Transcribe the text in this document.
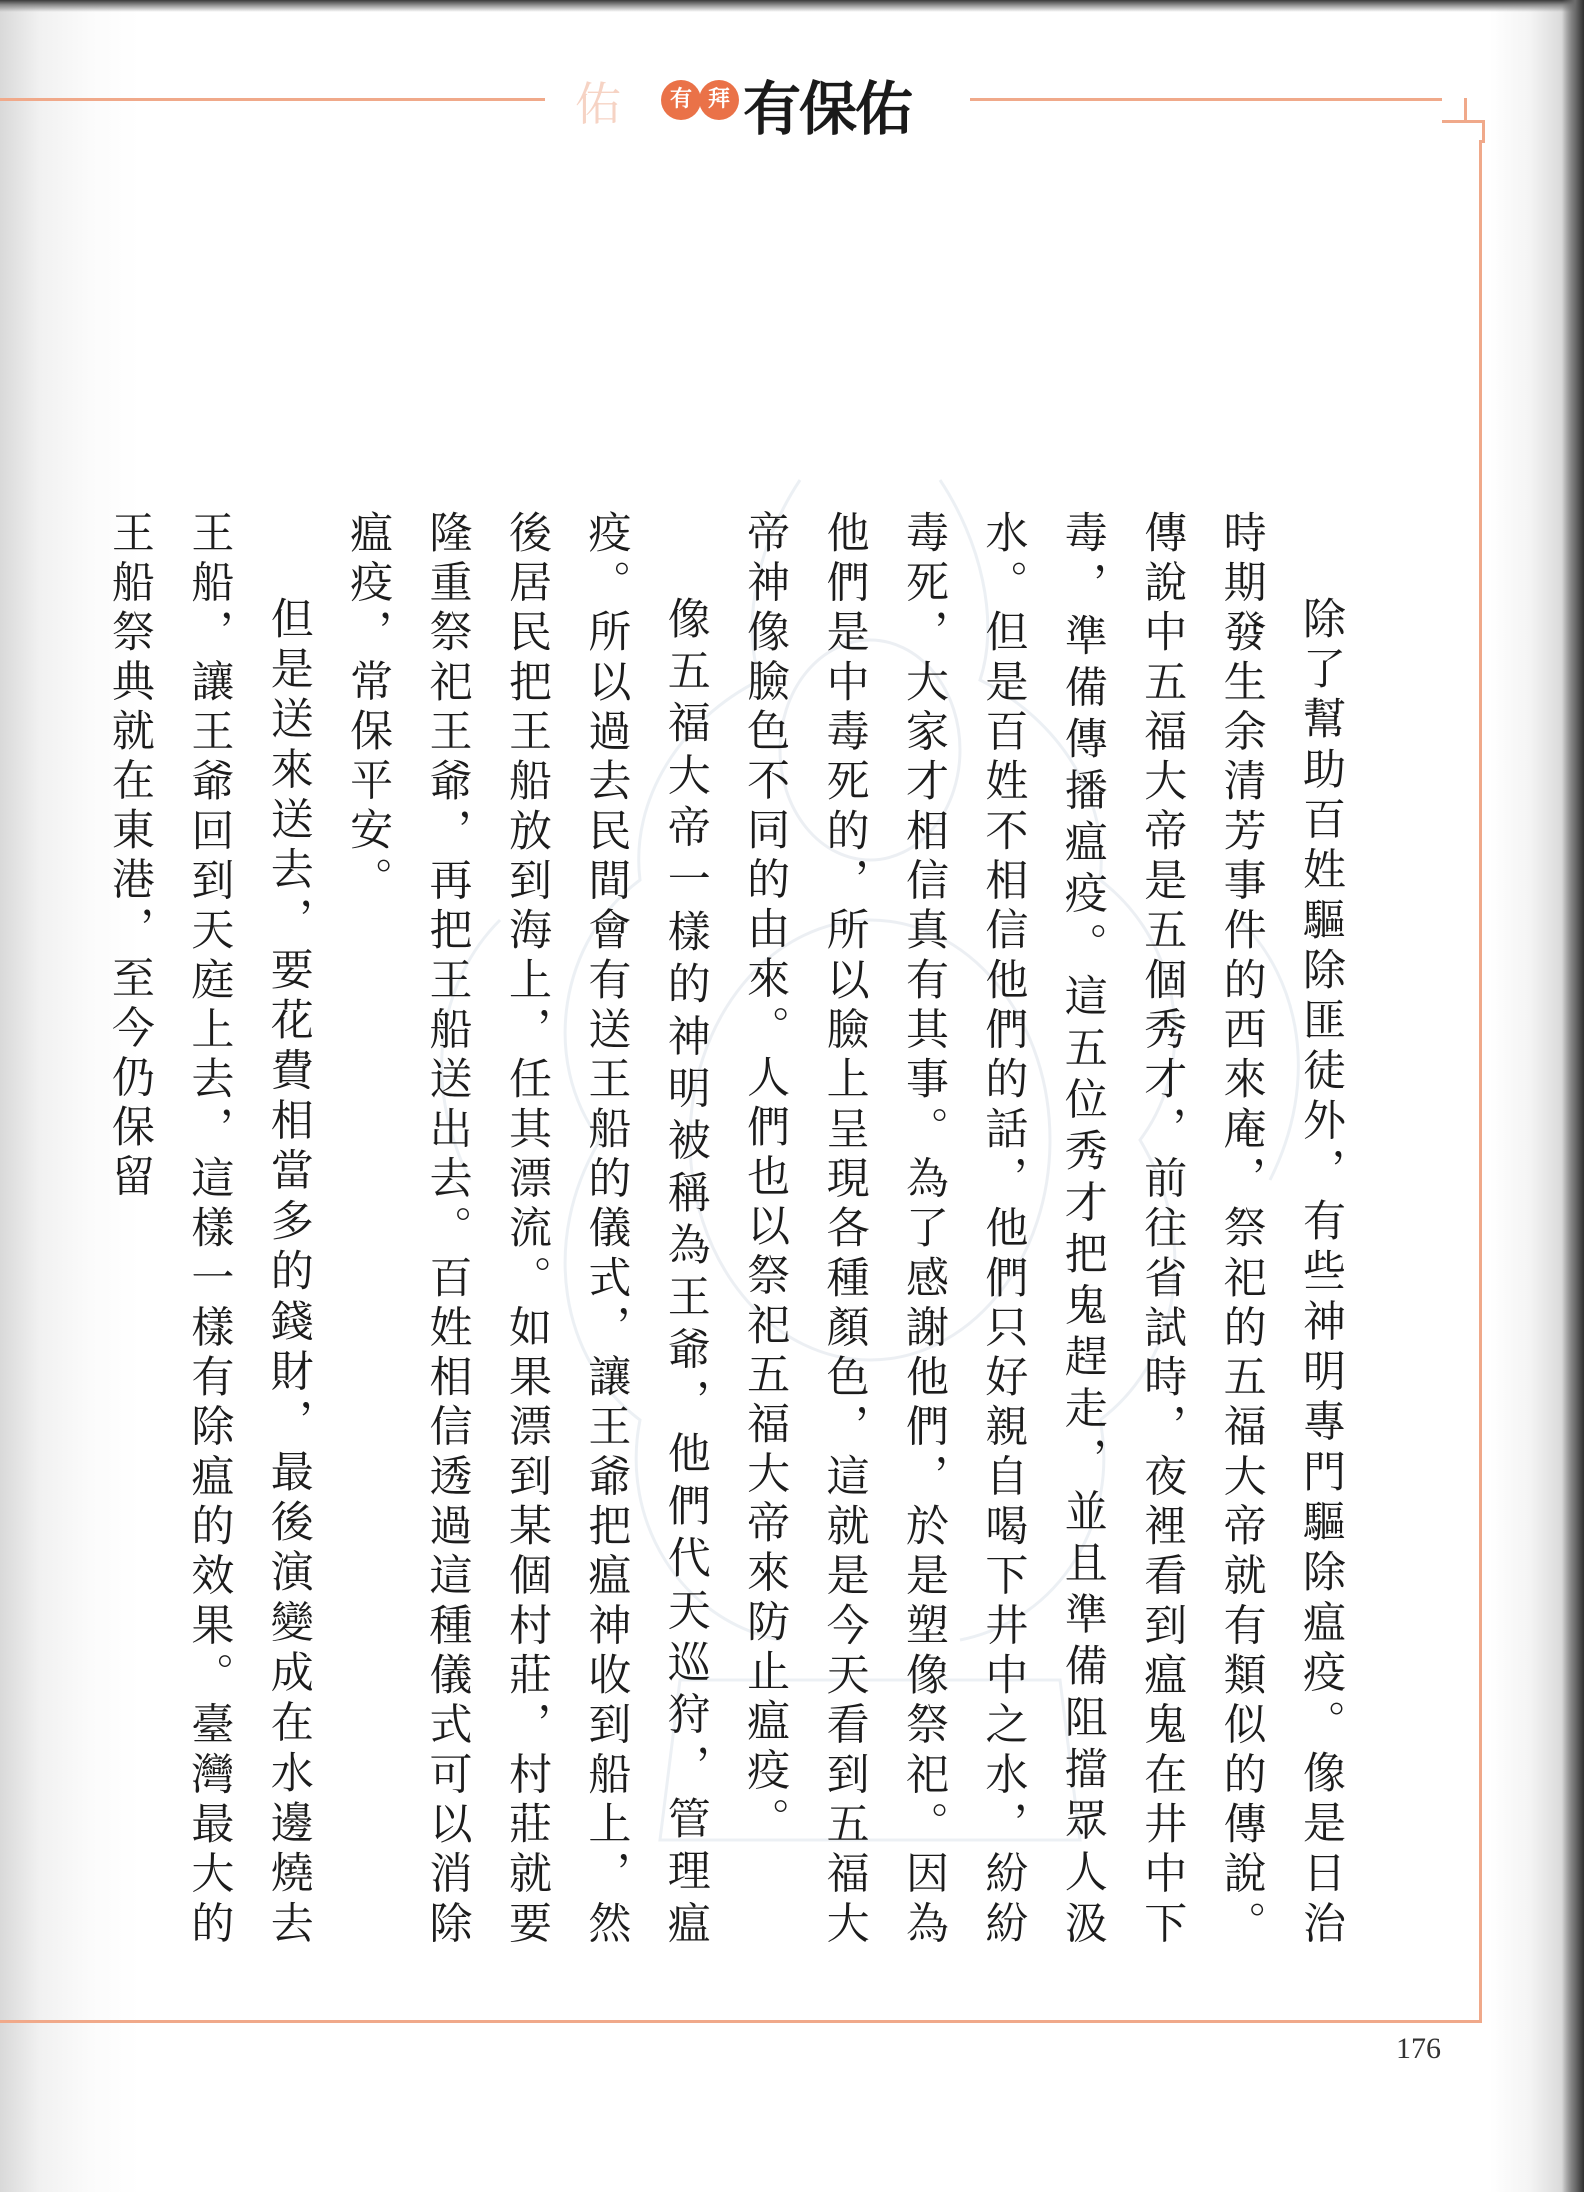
佑	有 拜 有保佑

除了幫助百姓驅除匪徒外，有些神明專門驅除瘟疫。像是日治時期發生余清芳事件的西來庵，祭祀的五福大帝就有類似的傳說。傳說中五福大帝是五個秀才，前往省試時，夜裡看到瘟鬼在井中下毒，準備傳播瘟疫。這五位秀才把鬼趕走，並且準備阻擋眾人汲水。但是百姓不相信他們的話，他們只好親自喝下井中之水，紛紛毒死，大家才相信真有其事。為了感謝他們，於是塑像祭祀。因為他們是中毒死的，所以臉上呈現各種顏色，這就是今天看到五福大帝神像臉色不同的由來。人們也以祭祀五福大帝來防止瘟疫。

像五福大帝一樣的神明被稱為王爺，他們代天巡狩，管理瘟疫。所以過去民間會有送王船的儀式，讓王爺把瘟神收到船上，然後居民把王船放到海上，任其漂流。如果漂到某個村莊，村莊就要隆重祭祀王爺，再把王船送出去。百姓相信透過這種儀式可以消除瘟疫，常保平安。

但是送來送去，要花費相當多的錢財，最後演變成在水邊燒去王船，讓王爺回到天庭上去，這樣一樣有除瘟的效果。臺灣最大的王船祭典就在東港，至今仍保留

176
